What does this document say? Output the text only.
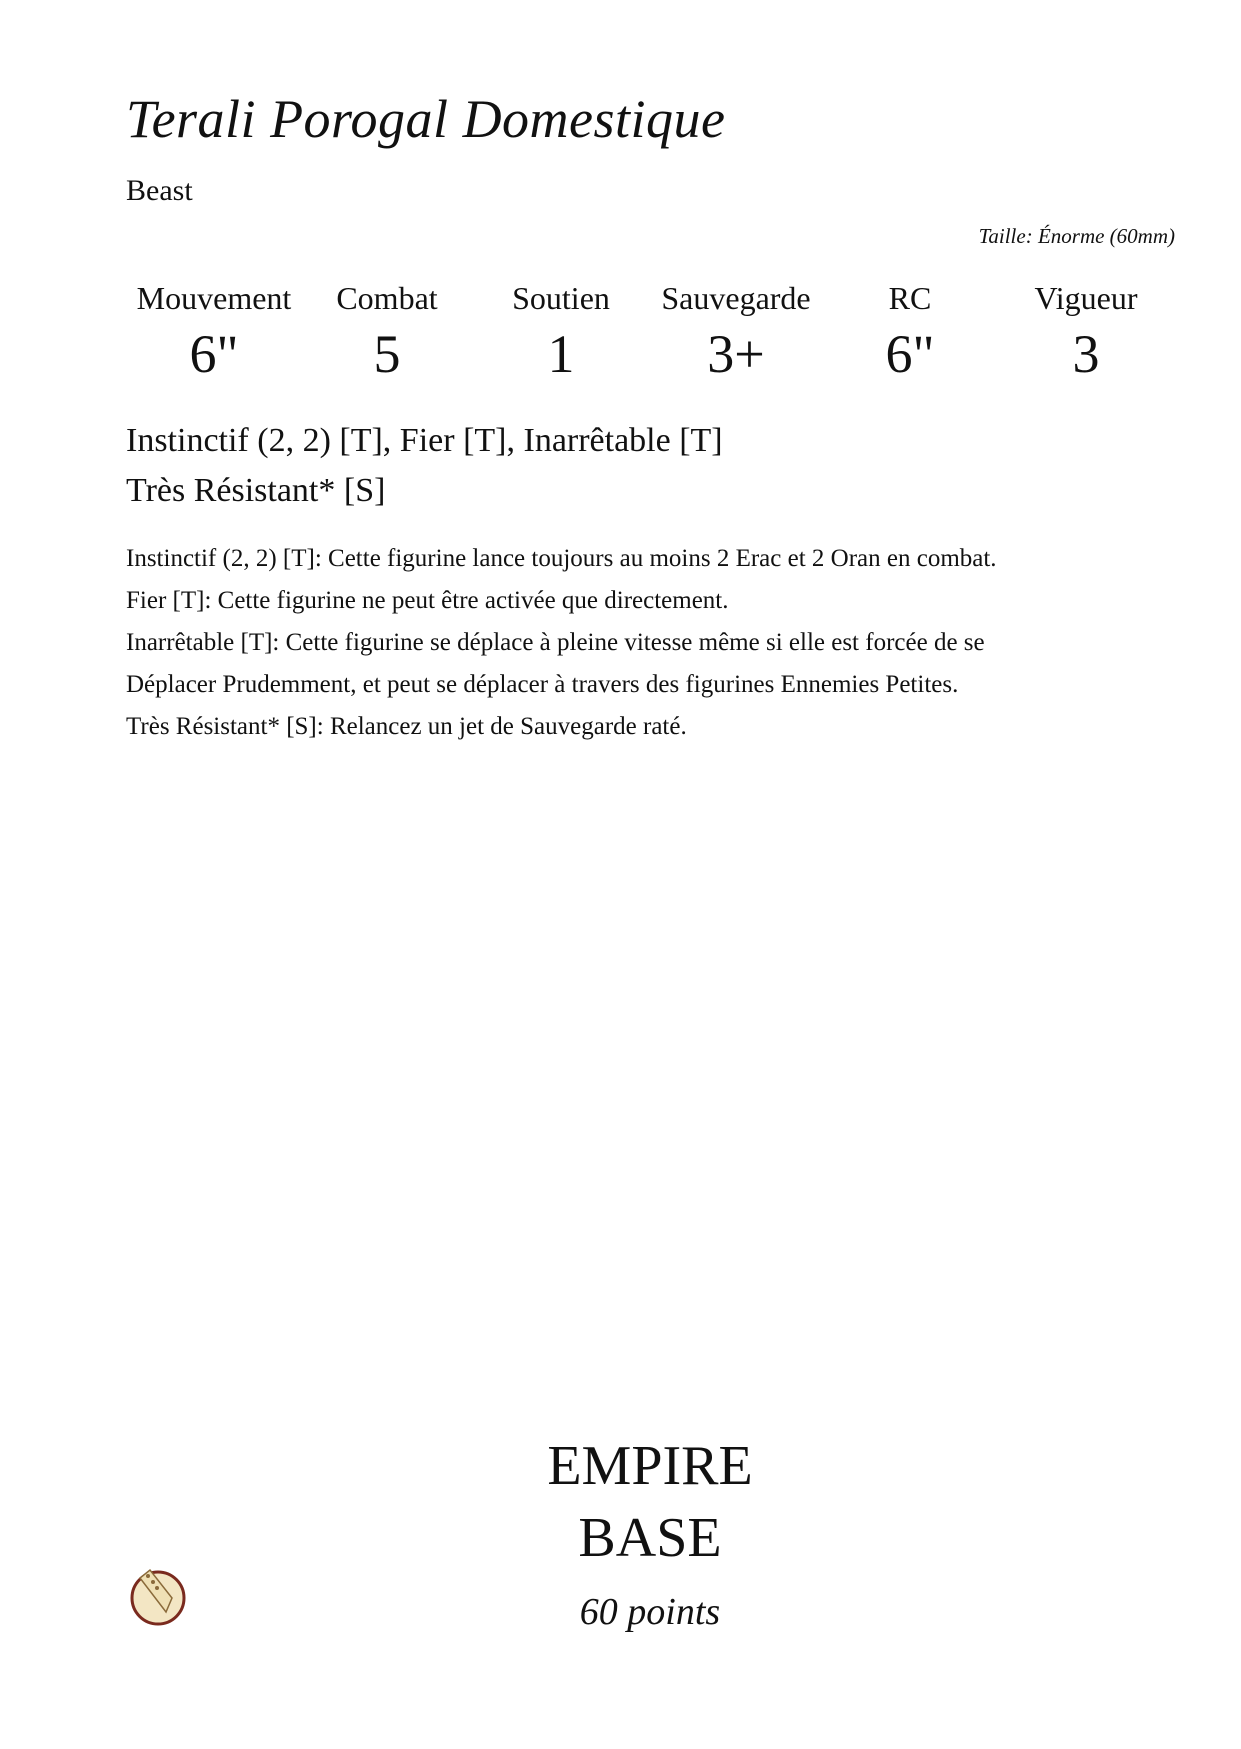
Terali Porogal Domestique
Beast
Taille: Énorme (60mm)
Mouvement
6"
Combat
5
Soutien
1
Sauvegarde
3+
RC
6"
Vigueur
3
Instinctif (2, 2) [T], Fier [T], Inarrêtable [T]
Très Résistant* [S]

Instinctif (2, 2) [T]: Cette figurine lance toujours au moins 2 Erac et 2 Oran en combat.

Fier [T]: Cette figurine ne peut être activée que directement.

Inarrêtable [T]: Cette figurine se déplace à pleine vitesse même si elle est forcée de se Déplacer Prudemment, et peut se déplacer à travers des figurines Ennemies Petites.

Très Résistant* [S]: Relancez un jet de Sauvegarde raté.

EMPIRE
BASE
60 points
